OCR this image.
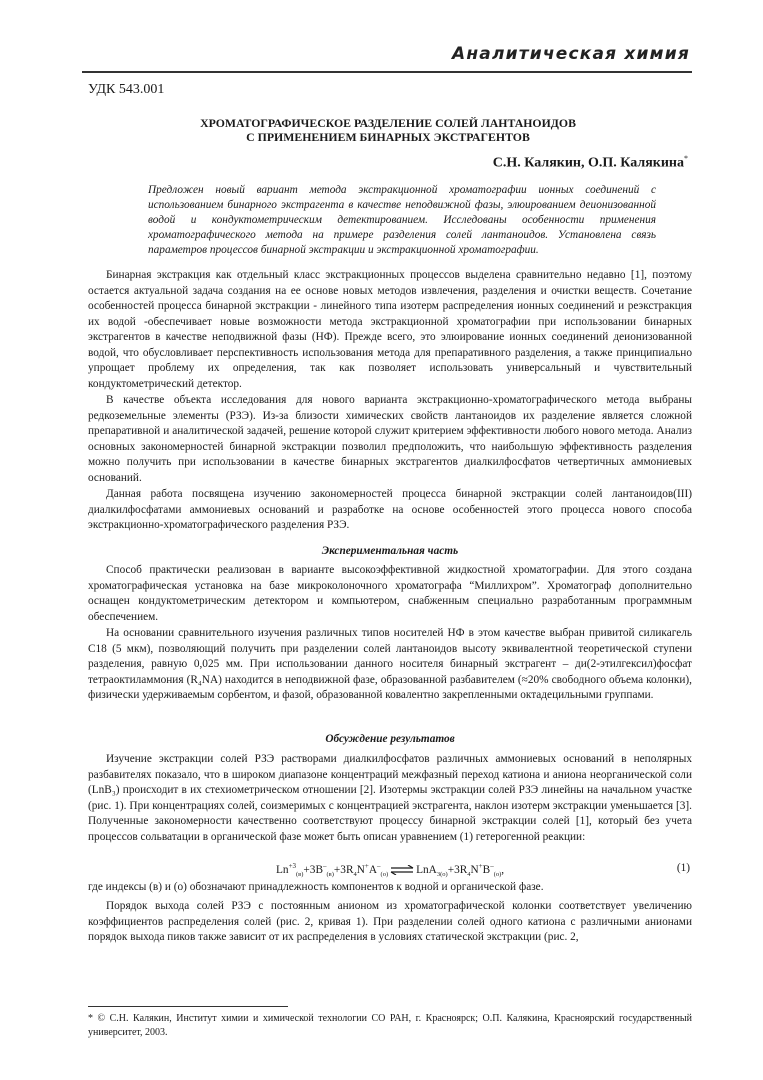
Аналитическая химия
УДК 543.001
ХРОМАТОГРАФИЧЕСКОЕ РАЗДЕЛЕНИЕ СОЛЕЙ ЛАНТАНОИДОВ
С ПРИМЕНЕНИЕМ БИНАРНЫХ ЭКСТРАГЕНТОВ
С.Н. Калякин, О.П. Калякина*

Предложен новый вариант метода экстракционной хроматографии ионных соединений с использованием бинарного экстрагента в качестве неподвижной фазы, элюированием деионизованной водой и кондуктометрическим детектированием. Исследованы особенности применения хроматографического метода на примере разделения солей лантаноидов. Установлена связь параметров процессов бинарной экстракции и экстракционной хроматографии.

Бинарная экстракция как отдельный класс экстракционных процессов выделена сравнительно недавно [1], поэтому остается актуальной задача создания на ее основе новых методов извлечения, разделения и очистки веществ. Сочетание особенностей процесса бинарной экстракции - линейного типа изотерм распределения ионных соединений и реэкстракция их водой -обеспечивает новые возможности метода экстракционной хроматографии при использовании бинарных экстрагентов в качестве неподвижной фазы (НФ). Прежде всего, это элюирование ионных соединений деионизованной водой, что обусловливает перспективность использования метода для препаративного разделения, а также принципиально упрощает проблему их определения, так как позволяет использовать универсальный и чувствительный кондуктометрический детектор.

В качестве объекта исследования для нового варианта экстракционно-хроматографического метода выбраны редкоземельные элементы (РЗЭ). Из-за близости химических свойств лантаноидов их разделение является сложной препаративной и аналитической задачей, решение которой служит критерием эффективности любого нового метода. Анализ основных закономерностей бинарной экстракции позволил предположить, что наибольшую эффективность разделения можно получить при использовании в качестве бинарных экстрагентов диалкилфосфатов четвертичных аммониевых оснований.

Данная работа посвящена изучению закономерностей процесса бинарной экстракции солей лантаноидов(III) диалкилфосфатами аммониевых оснований и разработке на основе особенностей этого процесса нового способа экстракционно-хроматографического разделения РЗЭ.

Экспериментальная часть

Способ практически реализован в варианте высокоэффективной жидкостной хроматографии. Для этого создана хроматографическая установка на базе микроколоночного хроматографа “Миллихром”. Хроматограф дополнительно оснащен кондуктометрическим детектором и компьютером, снабженным специально разработанным программным обеспечением.

На основании сравнительного изучения различных типов носителей НФ в этом качестве выбран привитой силикагель С18 (5 мкм), позволяющий получить при разделении солей лантаноидов высоту эквивалентной теоретической ступени разделения, равную 0,025 мм. При использовании данного носителя бинарный экстрагент – ди(2-этилгексил)фосфат тетраоктиламмония (R₄NA) находится в неподвижной фазе, образованной разбавителем (≈20% свободного объема колонки), физически удерживаемым сорбентом, и фазой, образованной ковалентно закрепленными октадецильными группами.

Обсуждение результатов

Изучение экстракции солей РЗЭ растворами диалкилфосфатов различных аммониевых оснований в неполярных разбавителях показало, что в широком диапазоне концентраций межфазный переход катиона и аниона неорганической соли (LnB₃) происходит в их стехиометрическом отношении [2]. Изотермы экстракции солей РЗЭ линейны на начальном участке (рис. 1). При концентрациях солей, соизмеримых с концентрацией экстрагента, наклон изотерм экстракции уменьшается [3]. Полученные закономерности качественно соответствуют процессу бинарной экстракции солей [1], который без учета процессов сольватации в органической фазе может быть описан уравнением (1) гетерогенной реакции:

$Ln^{+3}_{(в)}+3B^-_{(в)}+3R_4N^+A^-_{(о)}$ ⇌ $LnA_{3(о)}+3R_4N^+B^-_{(о)}$,	(1)

где индексы (в) и (о) обозначают принадлежность компонентов к водной и органической фазе.

Порядок выхода солей РЗЭ с постоянным анионом из хроматографической колонки соответствует увеличению коэффициентов распределения солей (рис. 2, кривая 1). При разделении солей одного катиона с различными анионами порядок выхода пиков также зависит от их распределения в условиях статической экстракции (рис. 2,

* © С.Н. Калякин, Институт химии и химической технологии СО РАН, г. Красноярск; О.П. Калякина, Красноярский государственный университет, 2003.
